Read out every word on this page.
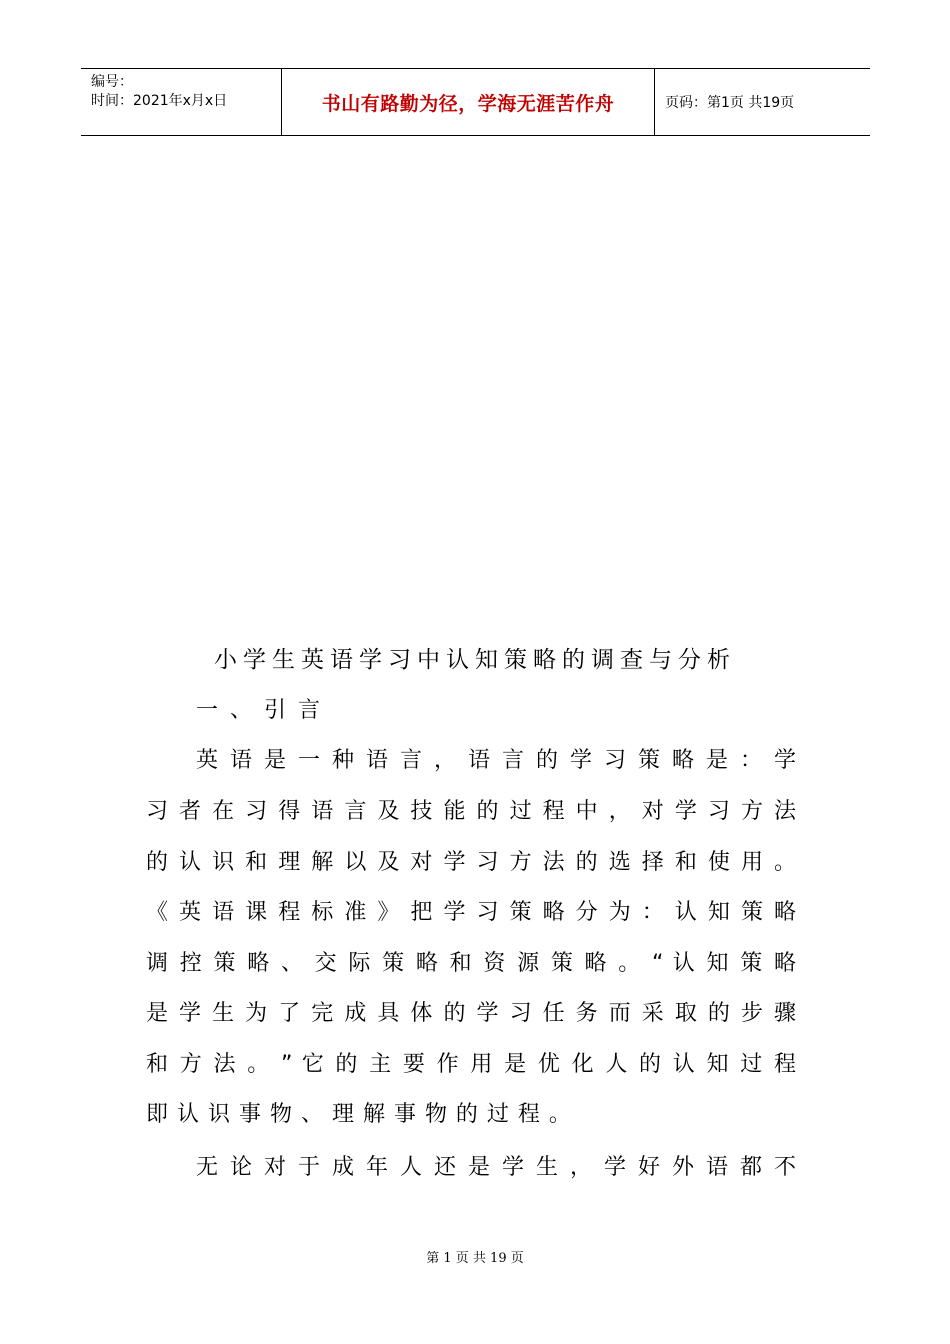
编号：
时间：2021年x月x日	书山有路勤为径，学海无涯苦作舟	页码：第1页 共19页
小学生英语学习中认知策略的调查与分析
一、引言
英 语 是 一 种 语 言 ， 语 言 的 学 习 策 略 是 ： 学
习 者 在 习 得 语 言 及 技 能 的 过 程 中 ， 对 学 习 方 法
的 认 识 和 理 解 以 及 对 学 习 方 法 的 选 择 和 使 用 。
《 英 语 课 程 标 准 》 把 学 习 策 略 分 为 ： 认 知 策 略
调 控 策 略 、 交 际 策 略 和 资 源 策 略 。 “ 认 知 策 略
是 学 生 为 了 完 成 具 体 的 学 习 任 务 而 采 取 的 步 骤
和 方 法 。 ” 它 的 主 要 作 用 是 优 化 人 的 认 知 过 程
即 认 识 事 物 、 理 解 事 物 的 过 程 。
无 论 对 于 成 年 人 还 是 学 生 ， 学 好 外 语 都 不
第 1 页 共 19 页
